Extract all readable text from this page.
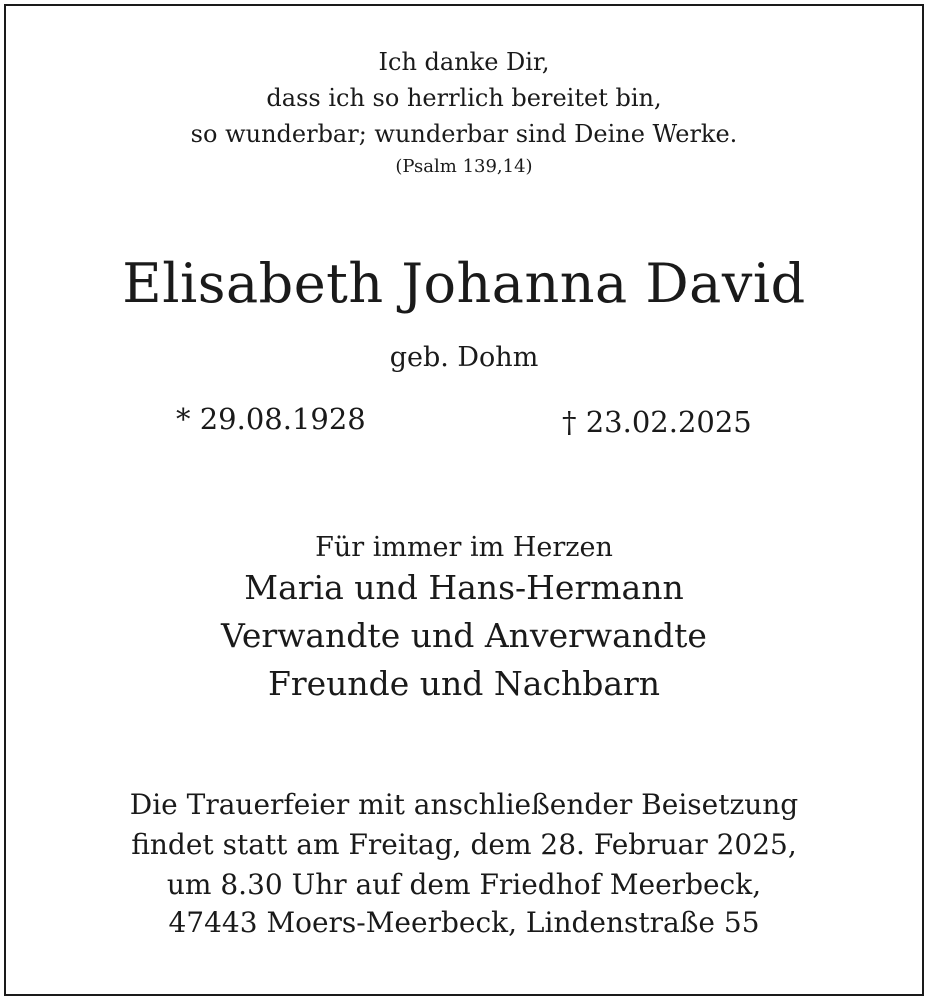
Ich danke Dir,
dass ich so herrlich bereitet bin,
so wunderbar; wunderbar sind Deine Werke.
(Psalm 139,14)
Elisabeth Johanna David
geb. Dohm
* 29.08.1928	† 23.02.2025
Für immer im Herzen
Maria und Hans-Hermann
Verwandte und Anverwandte
Freunde und Nachbarn
Die Trauerfeier mit anschließender Beisetzung
findet statt am Freitag, dem 28. Februar 2025,
um 8.30 Uhr auf dem Friedhof Meerbeck,
47443 Moers-Meerbeck, Lindenstraße 55
